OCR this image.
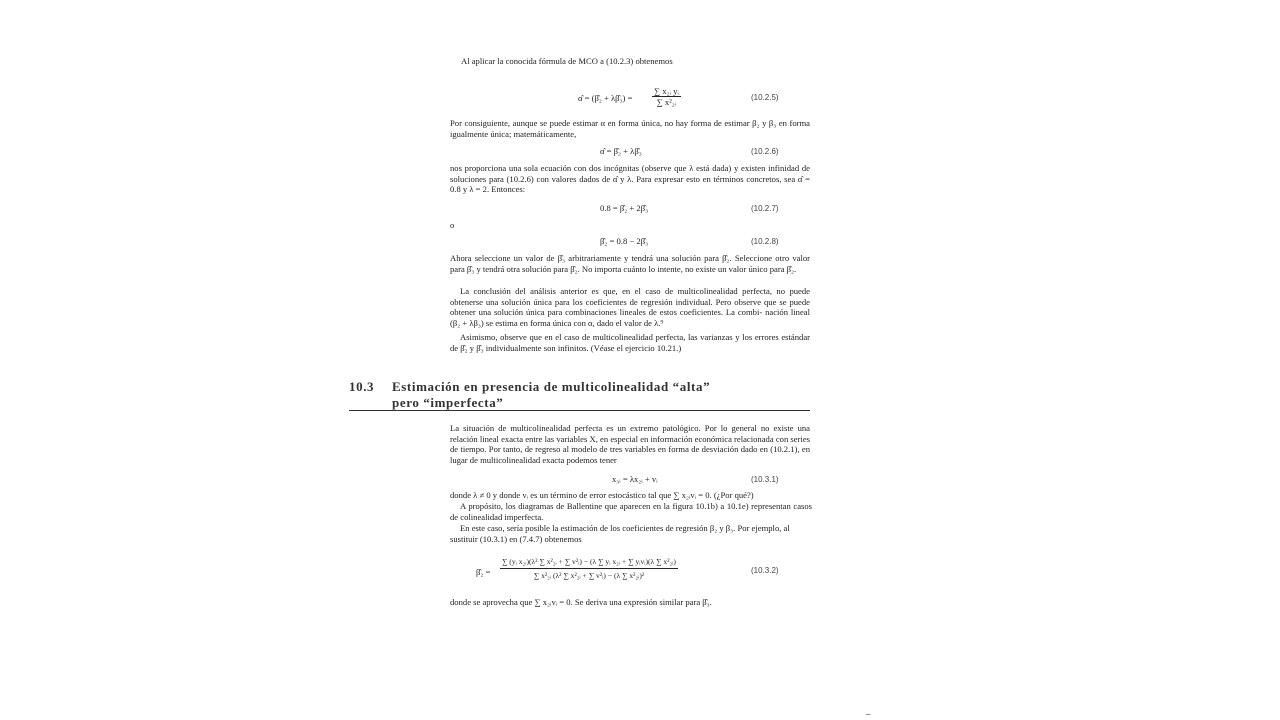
Al aplicar la conocida fórmula de MCO a (10.2.3) obtenemos
α̂ = (β̂₂ + λβ̂₃) = $\frac{\text{∑ x₂ᵢ yᵢ}}{\text{∑ x²₂ᵢ}}$	(10.2.5)
Por consiguiente, aunque se puede estimar α en forma única, no hay forma de estimar β₂ y β₃ en forma igualmente única; matemáticamente,
α̂ = β̂₂ + λβ̂₃	(10.2.6)
nos proporciona una sola ecuación con dos incógnitas (observe que λ está dada) y existen infinidad de soluciones para (10.2.6) con valores dados de α̂ y λ. Para expresar esto en términos concretos, sea α̂ = 0.8 y λ = 2. Entonces:
0.8 = β̂₂ + 2β̂₃	(10.2.7)
o
β̂₂ = 0.8 − 2β̂₃	(10.2.8)
Ahora seleccione un valor de β̂₃ arbitrariamente y tendrá una solución para β̂₂. Seleccione otro valor para β̂₃ y tendrá otra solución para β̂₂. No importa cuánto lo intente, no existe un valor único para β̂₂.
La conclusión del análisis anterior es que, en el caso de multicolinealidad perfecta, no puede obtenerse una solución única para los coeficientes de regresión individual. Pero observe que se puede obtener una solución única para combinaciones lineales de estos coeficientes. La combi- nación lineal (β₂ + λβ₃) se estima en forma única con α, dado el valor de λ.⁹
Asimismo, observe que en el caso de multicolinealidad perfecta, las varianzas y los errores estándar de β̂₂ y β̂₃ individualmente son infinitos. (Véase el ejercicio 10.21.)
10.3 Estimación en presencia de multicolinealidad “alta”
pero “imperfecta”
La situación de multicolinealidad perfecta es un extremo patológico. Por lo general no existe una relación lineal exacta entre las variables X, en especial en información económica relacionada con series de tiempo. Por tanto, de regreso al modelo de tres variables en forma de desviación dado en (10.2.1), en lugar de multicolinealidad exacta podemos tener
x₃ᵢ = λx₂ᵢ + vᵢ	(10.3.1)
donde λ ≠ 0 y donde vᵢ es un término de error estocástico tal que ∑ x₂ᵢvᵢ = 0. (¿Por qué?)
A propósito, los diagramas de Ballentine que aparecen en la figura 10.1b) a 10.1e) representan casos de colinealidad imperfecta.
En este caso, sería posible la estimación de los coeficientes de regresión β₂ y β₃. Por ejemplo, al sustituir (10.3.1) en (7.4.7) obtenemos
β̂₂ =
∑ (yᵢ x₂ᵢ)(λ² ∑ x²₂ᵢ + ∑ v²ᵢ) − (λ ∑ yᵢ x₂ᵢ + ∑ yᵢvᵢ)(λ ∑ x²₂ᵢ)
∑ x²₂ᵢ (λ² ∑ x²₂ᵢ + ∑ v²ᵢ) − (λ ∑ x²₂ᵢ)²
(10.3.2)
donde se aprovecha que ∑ x₂ᵢvᵢ = 0. Se deriva una expresión similar para β̂₃.
–
